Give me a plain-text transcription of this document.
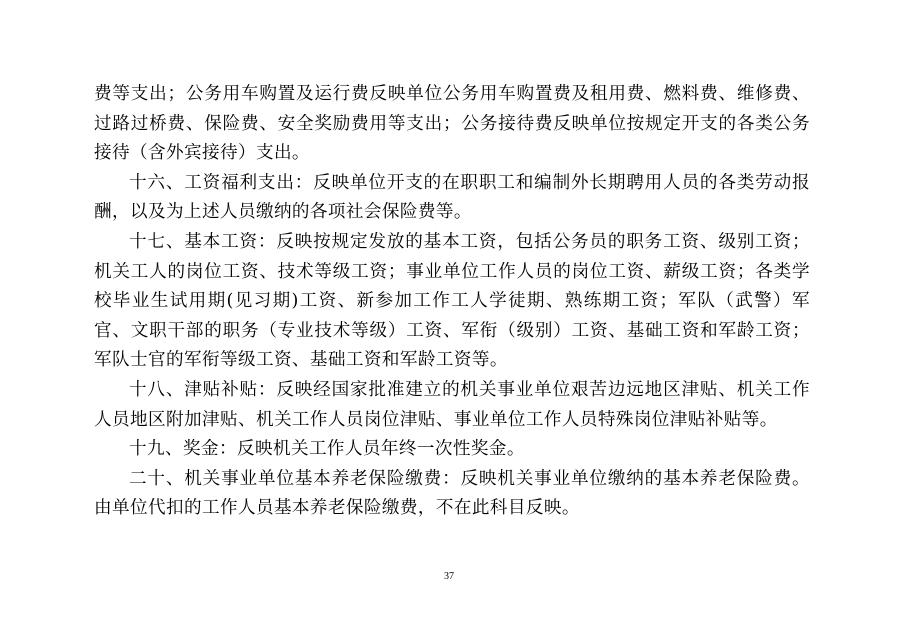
费等支出；公务用车购置及运行费反映单位公务用车购置费及租用费、燃料费、维修费、过路过桥费、保险费、安全奖励费用等支出；公务接待费反映单位按规定开支的各类公务接待（含外宾接待）支出。

十六、工资福利支出：反映单位开支的在职职工和编制外长期聘用人员的各类劳动报酬，以及为上述人员缴纳的各项社会保险费等。

十七、基本工资：反映按规定发放的基本工资，包括公务员的职务工资、级别工资；机关工人的岗位工资、技术等级工资；事业单位工作人员的岗位工资、薪级工资；各类学校毕业生试用期(见习期)工资、新参加工作工人学徒期、熟练期工资；军队（武警）军官、文职干部的职务（专业技术等级）工资、军衔（级别）工资、基础工资和军龄工资；军队士官的军衔等级工资、基础工资和军龄工资等。

十八、津贴补贴：反映经国家批准建立的机关事业单位艰苦边远地区津贴、机关工作人员地区附加津贴、机关工作人员岗位津贴、事业单位工作人员特殊岗位津贴补贴等。

十九、奖金：反映机关工作人员年终一次性奖金。

二十、机关事业单位基本养老保险缴费：反映机关事业单位缴纳的基本养老保险费。由单位代扣的工作人员基本养老保险缴费，不在此科目反映。

37
